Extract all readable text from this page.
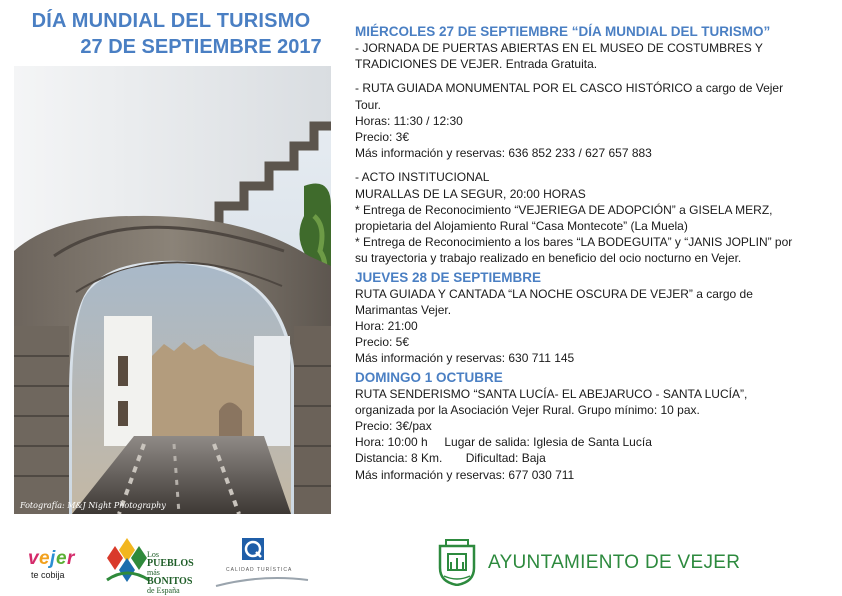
DÍA MUNDIAL DEL TURISMO
27 DE SEPTIEMBRE 2017
Fotografía: M&J Night Photography

MIÉRCOLES 27 DE SEPTIEMBRE “DÍA MUNDIAL DEL TURISMO”

- JORNADA DE PUERTAS ABIERTAS EN EL MUSEO DE COSTUMBRES Y

TRADICIONES DE VEJER. Entrada Gratuita.

- RUTA GUIADA MONUMENTAL POR EL CASCO HISTÓRICO a cargo de Vejer

Tour.

Horas: 11:30 / 12:30

Precio: 3€

Más información y reservas: 636 852 233 / 627 657 883

- ACTO INSTITUCIONAL

MURALLAS DE LA SEGUR, 20:00 HORAS

* Entrega de Reconocimiento “VEJERIEGA DE ADOPCIÓN” a GISELA MERZ,

propietaria del Alojamiento Rural “Casa Montecote” (La Muela)

* Entrega de Reconocimiento a los bares “LA BODEGUITA” y “JANIS JOPLIN” por

su trayectoria y trabajo realizado en beneficio del ocio nocturno en Vejer.

JUEVES 28 DE SEPTIEMBRE

RUTA GUIADA Y CANTADA “LA NOCHE OSCURA DE VEJER” a cargo de

Marimantas Vejer.

Hora: 21:00

Precio: 5€

Más información y reservas: 630 711 145

DOMINGO 1 OCTUBRE

RUTA SENDERISMO “SANTA LUCÍA- EL ABEJARUCO - SANTA LUCÍA”,

organizada por la Asociación Vejer Rural. Grupo mínimo: 10 pax.

Precio: 3€/pax

Hora: 10:00 h     Lugar de salida: Iglesia de Santa Lucía

Distancia: 8 Km.       Dificultad: Baja

Más información y reservas: 677 030 711

v e j e r
te cobija
Los PUEBLOS más
BONITOS
de España
CALIDAD TURÍSTICA	AYUNTAMIENTO DE VEJER
